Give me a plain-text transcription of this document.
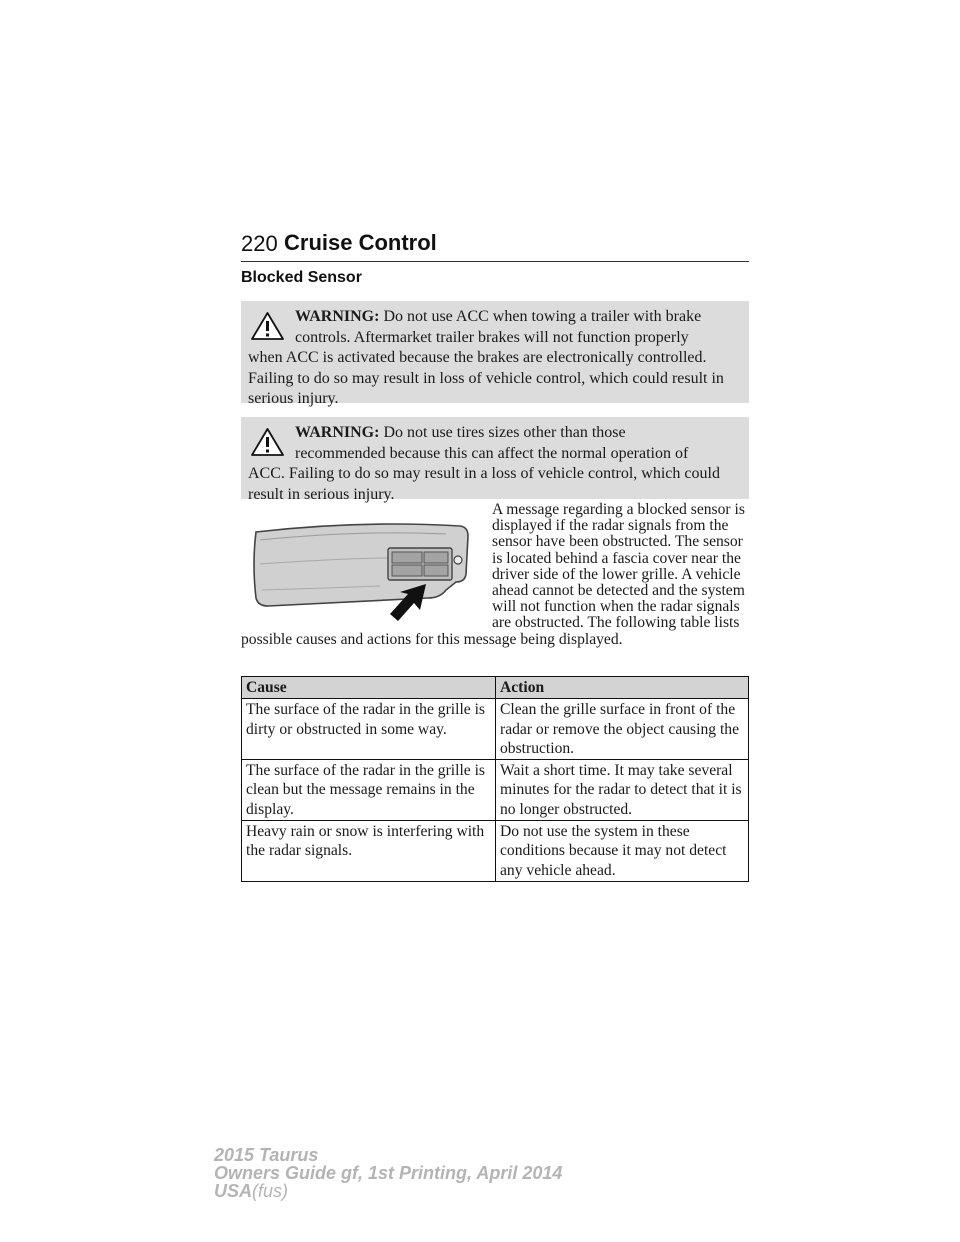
220 Cruise Control
Blocked Sensor
WARNING: Do not use ACC when towing a trailer with brake
controls. Aftermarket trailer brakes will not function properly
when ACC is activated because the brakes are electronically controlled. Failing to do so may result in loss of vehicle control, which could result in serious injury.
WARNING: Do not use tires sizes other than those
recommended because this can affect the normal operation of
ACC. Failing to do so may result in a loss of vehicle control, which could result in serious injury.
A message regarding a blocked sensor is displayed if the radar signals from the sensor have been obstructed. The sensor is located behind a fascia cover near the driver side of the lower grille. A vehicle ahead cannot be detected and the system will not function when the radar signals are obstructed. The following table lists possible causes and actions for this message being displayed.
Cause	Action
The surface of the radar in the grille is dirty or obstructed in some way.	Clean the grille surface in front of the radar or remove the object causing the obstruction.
The surface of the radar in the grille is clean but the message remains in the display.	Wait a short time. It may take several minutes for the radar to detect that it is no longer obstructed.
Heavy rain or snow is interfering with the radar signals.	Do not use the system in these conditions because it may not detect any vehicle ahead.
2015 Taurus
Owners Guide gf, 1st Printing, April 2014
USA(fus)
